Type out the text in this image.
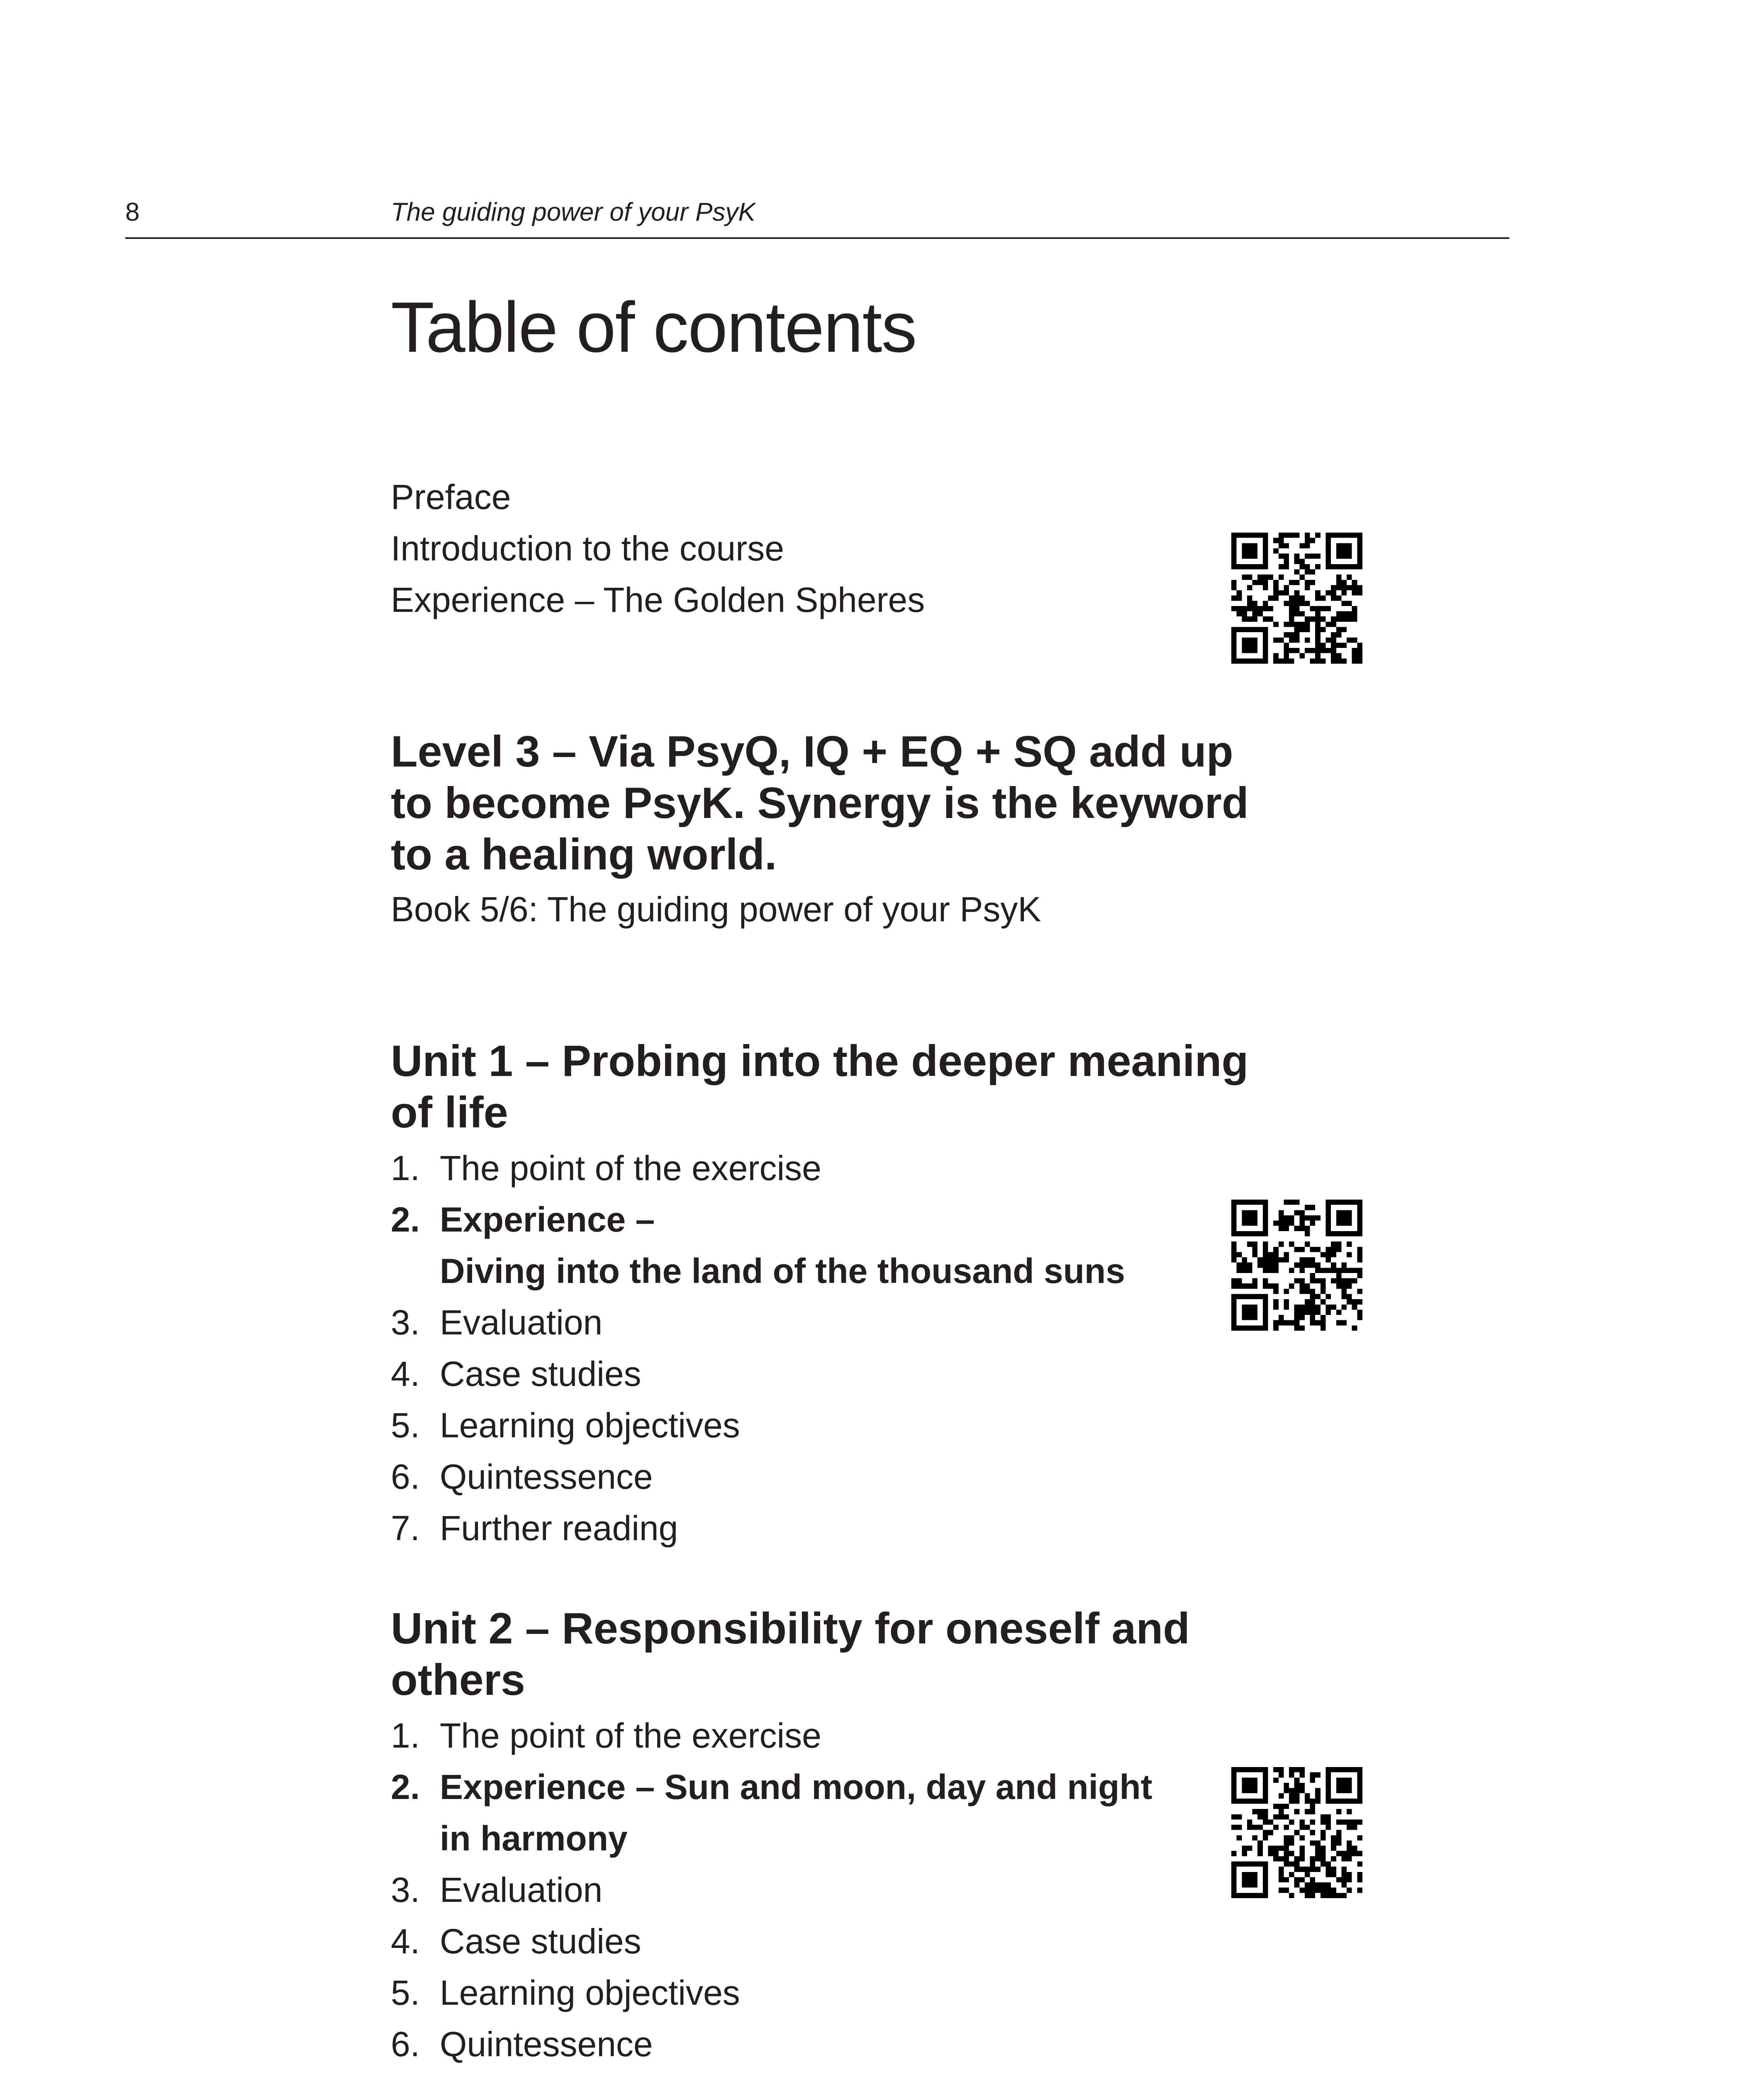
8	The guiding power of your PsyK
Table of contents
Preface
Introduction to the course
Experience – The Golden Spheres
Level 3 – Via PsyQ, IQ + EQ + SQ add up
to become PsyK. Synergy is the keyword
to a healing world.
Book 5/6: The guiding power of your PsyK
Unit 1 – Probing into the deeper meaning
of life
1. The point of the exercise
2. Experience –
Diving into the land of the thousand suns
3. Evaluation
4. Case studies
5. Learning objectives
6. Quintessence
7. Further reading
Unit 2 – Responsibility for oneself and
others
1. The point of the exercise
2. Experience – Sun and moon, day and night
in harmony
3. Evaluation
4. Case studies
5. Learning objectives
6. Quintessence
